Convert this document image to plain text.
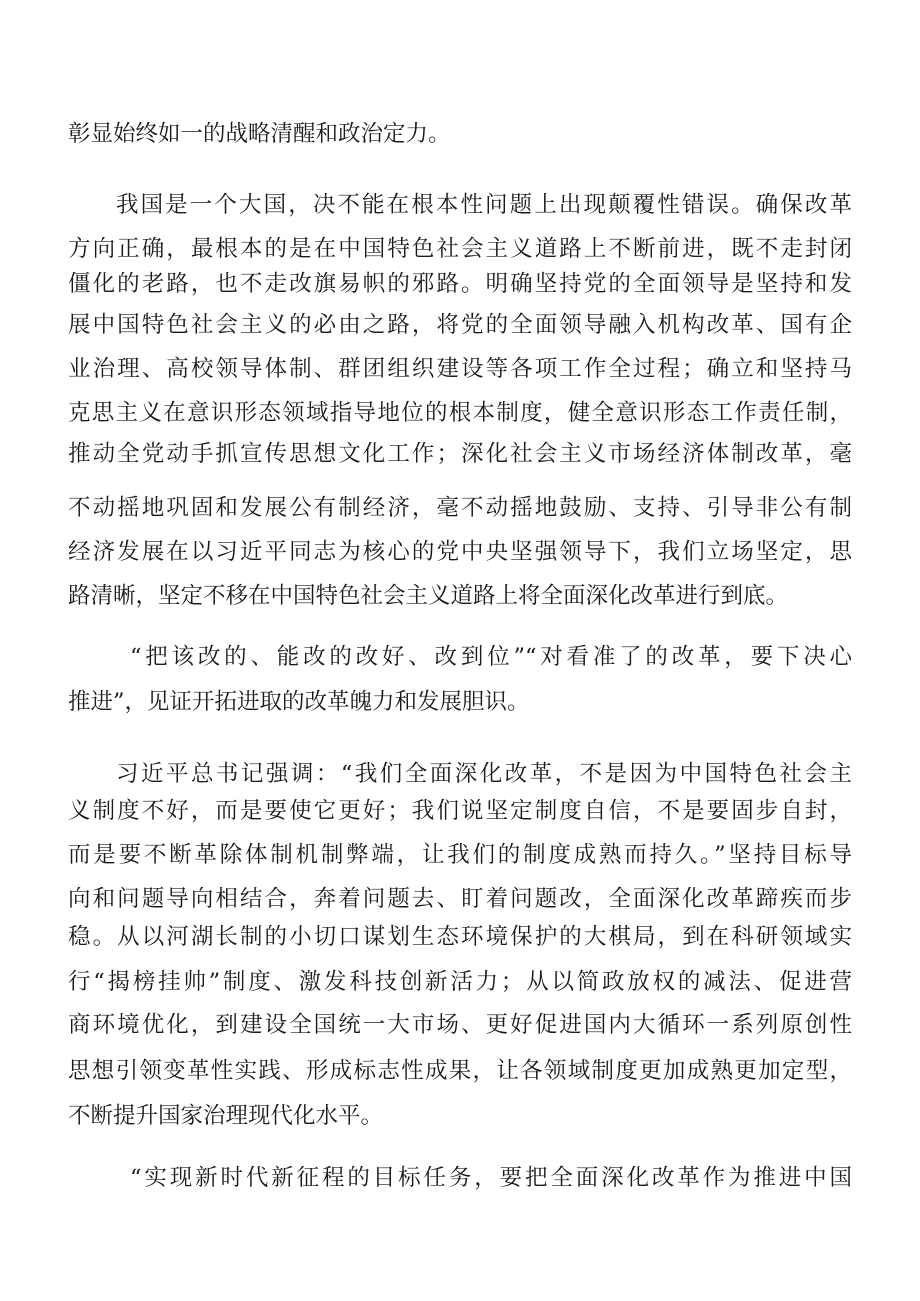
彰显始终如一的战略清醒和政治定力。

我国是一个大国，决不能在根本性问题上出现颠覆性错误。确保改革

方向正确，最根本的是在中国特色社会主义道路上不断前进，既不走封闭

僵化的老路，也不走改旗易帜的邪路。明确坚持党的全面领导是坚持和发

展中国特色社会主义的必由之路，将党的全面领导融入机构改革、国有企

业治理、高校领导体制、群团组织建设等各项工作全过程；确立和坚持马

克思主义在意识形态领域指导地位的根本制度，健全意识形态工作责任制，

推动全党动手抓宣传思想文化工作；深化社会主义市场经济体制改革，毫

不动摇地巩固和发展公有制经济，毫不动摇地鼓励、支持、引导非公有制

经济发展在以习近平同志为核心的党中央坚强领导下，我们立场坚定，思

路清晰，坚定不移在中国特色社会主义道路上将全面深化改革进行到底。

“把该改的、能改的改好、改到位”“对看准了的改革，要下决心

推进”，见证开拓进取的改革魄力和发展胆识。

习近平总书记强调：“我们全面深化改革，不是因为中国特色社会主

义制度不好，而是要使它更好；我们说坚定制度自信，不是要固步自封，

而是要不断革除体制机制弊端，让我们的制度成熟而持久。”坚持目标导

向和问题导向相结合，奔着问题去、盯着问题改，全面深化改革蹄疾而步

稳。从以河湖长制的小切口谋划生态环境保护的大棋局，到在科研领域实

行“揭榜挂帅”制度、激发科技创新活力；从以简政放权的减法、促进营

商环境优化，到建设全国统一大市场、更好促进国内大循环一系列原创性

思想引领变革性实践、形成标志性成果，让各领域制度更加成熟更加定型，

不断提升国家治理现代化水平。

“实现新时代新征程的目标任务，要把全面深化改革作为推进中国
